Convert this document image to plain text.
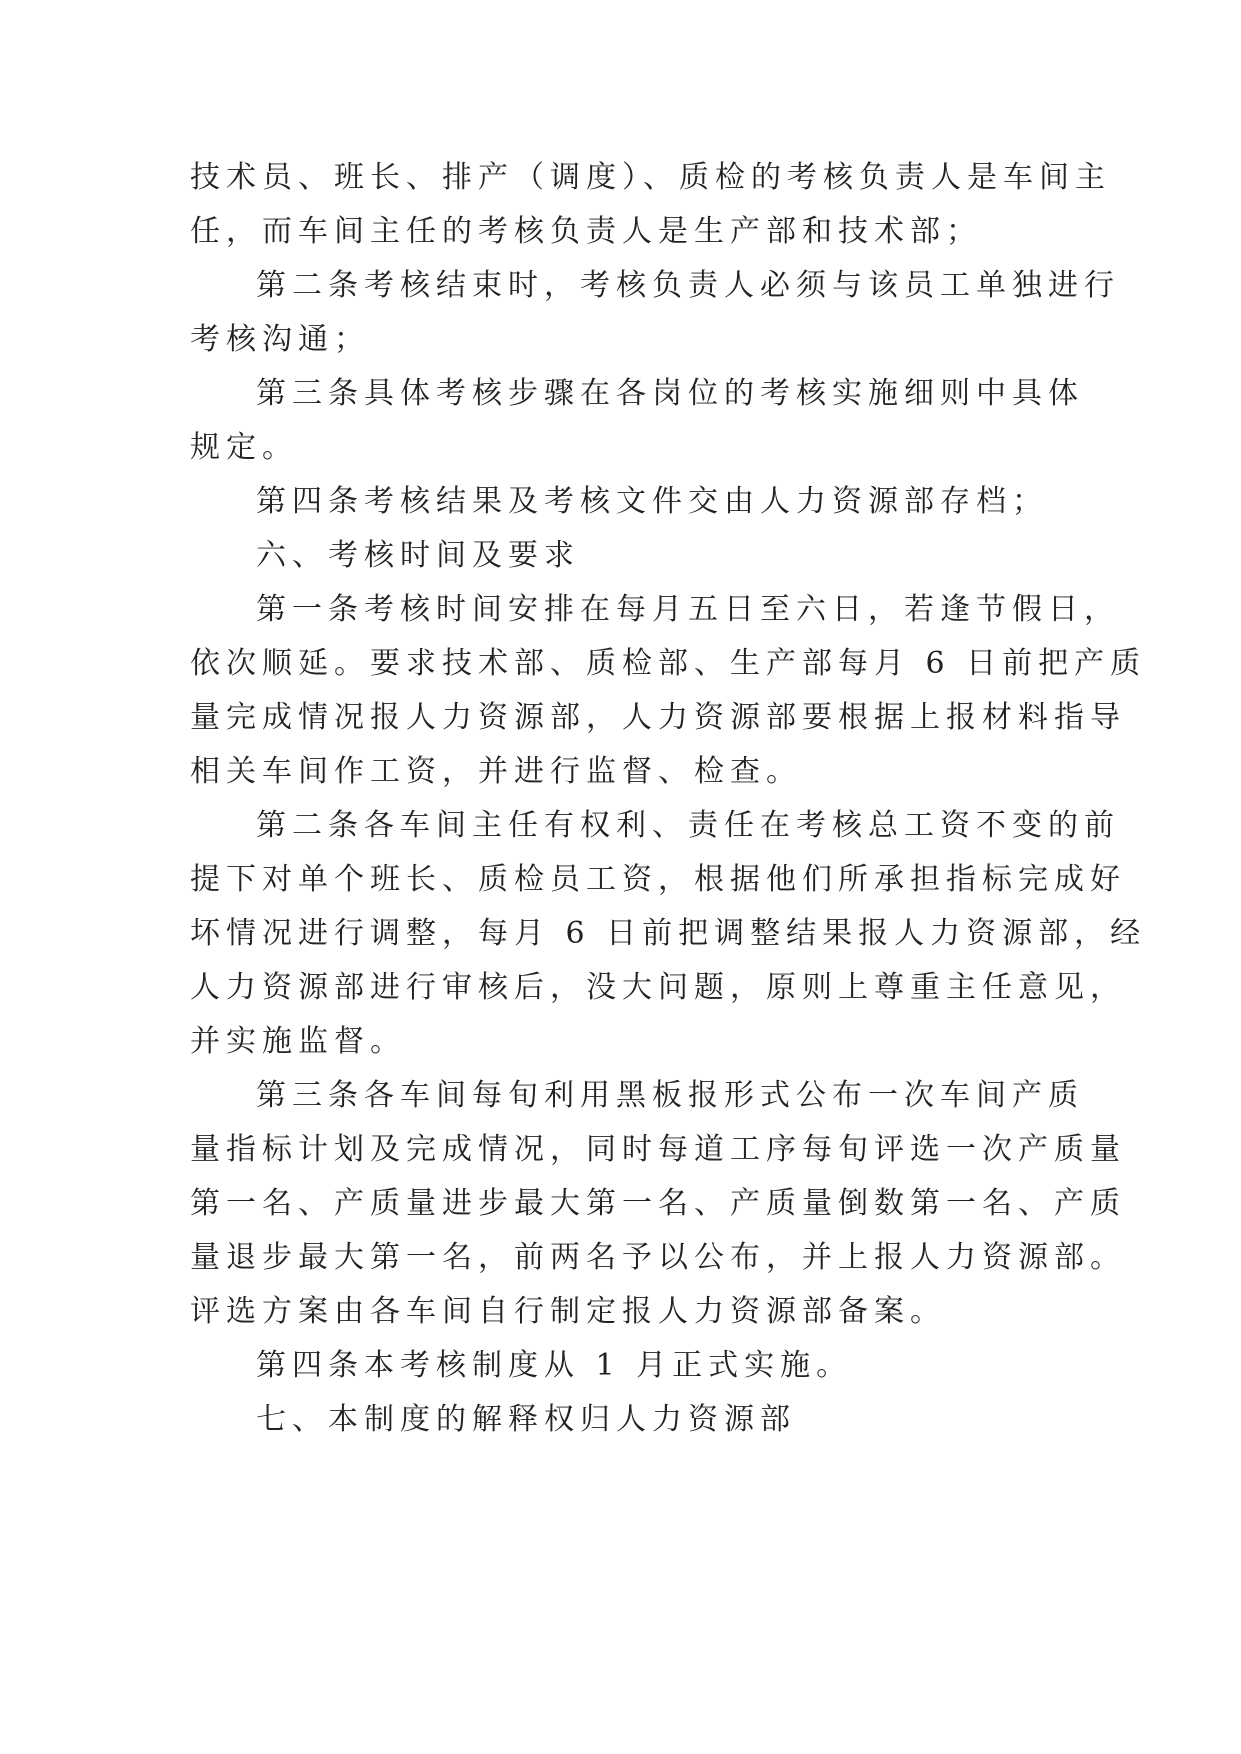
技术员、班长、排产（调度）、质检的考核负责人是车间主
任，而车间主任的考核负责人是生产部和技术部；
第二条考核结束时，考核负责人必须与该员工单独进行
考核沟通；
第三条具体考核步骤在各岗位的考核实施细则中具体
规定。
第四条考核结果及考核文件交由人力资源部存档；
六、考核时间及要求
第一条考核时间安排在每月五日至六日，若逢节假日，
依次顺延。要求技术部、质检部、生产部每月 6 日前把产质
量完成情况报人力资源部，人力资源部要根据上报材料指导
相关车间作工资，并进行监督、检查。
第二条各车间主任有权利、责任在考核总工资不变的前
提下对单个班长、质检员工资，根据他们所承担指标完成好
坏情况进行调整，每月 6 日前把调整结果报人力资源部，经
人力资源部进行审核后，没大问题，原则上尊重主任意见，
并实施监督。
第三条各车间每旬利用黑板报形式公布一次车间产质
量指标计划及完成情况，同时每道工序每旬评选一次产质量
第一名、产质量进步最大第一名、产质量倒数第一名、产质
量退步最大第一名，前两名予以公布，并上报人力资源部。
评选方案由各车间自行制定报人力资源部备案。
第四条本考核制度从 1 月正式实施。
七、本制度的解释权归人力资源部
